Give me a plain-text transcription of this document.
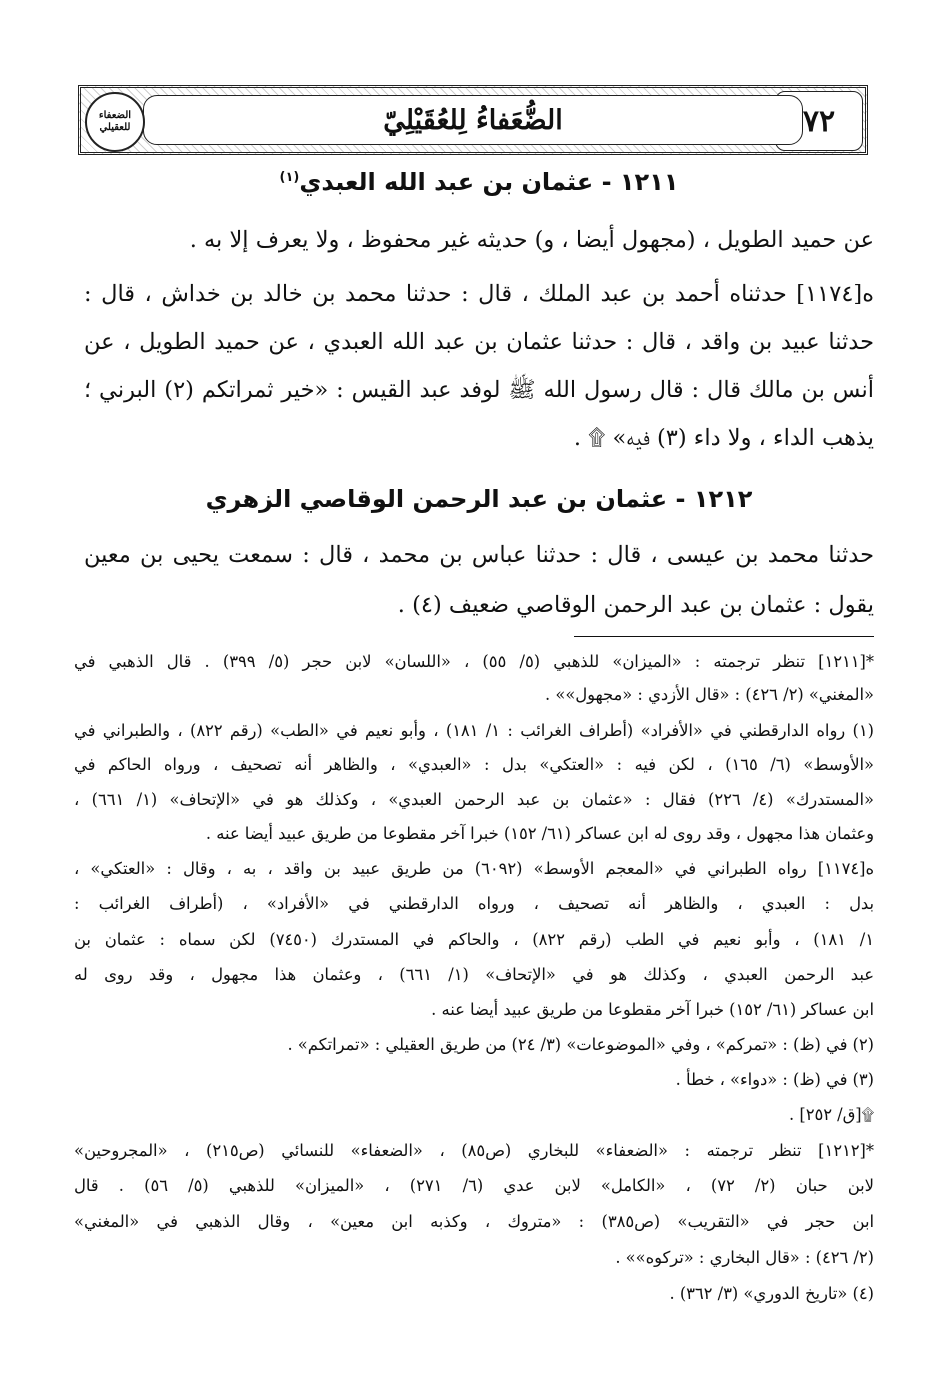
٧٢
الضُّعَفاءُ لِلعُقَيْلِيّ
الضعفاء للعقيلي
١٢١١ - عثمان بن عبد الله العبدي$^{(١)}$
عن حميد الطويل ، (مجهول أيضا ، و) حديثه غير محفوظ ، ولا يعرف إلا به .
ه[١١٧٤] حدثناه أحمد بن عبد الملك ، قال : حدثنا محمد بن خالد بن خداش ، قال :
حدثنا عبيد بن واقد ، قال : حدثنا عثمان بن عبد الله العبدي ، عن حميد الطويل ، عن
أنس بن مالك قال : قال رسول الله ﷺ لوفد عبد القيس : «خير ثمراتكم (٢) البرني ؛
يذهب الداء ، ولا داء (٣) فيه» ۩ .
١٢١٢ - عثمان بن عبد الرحمن الوقاصي الزهري
حدثنا محمد بن عيسى ، قال : حدثنا عباس بن محمد ، قال : سمعت يحيى بن معين
يقول : عثمان بن عبد الرحمن الوقاصي ضعيف (٤) .
*[١٢١١] تنظر ترجمته : «الميزان» للذهبي (٥/ ٥٥) ، «اللسان» لابن حجر (٥/ ٣٩٩) . قال الذهبي في
«المغني» (٢/ ٤٢٦) : «قال الأزدي : «مجهول»» .
(١) رواه الدارقطني في «الأفراد» (أطراف الغرائب : ١/ ١٨١) ، وأبو نعيم في «الطب» (رقم ٨٢٢) ، والطبراني في
«الأوسط» (٦/ ١٦٥) ، لكن فيه : «العتكي» بدل : «العبدي» ، والظاهر أنه تصحيف ، ورواه الحاكم في
«المستدرك» (٤/ ٢٢٦) فقال : «عثمان بن عبد الرحمن العبدي» ، وكذلك هو في «الإتحاف» (١/ ٦٦١) ،
وعثمان هذا مجهول ، وقد روى له ابن عساكر (٦١/ ١٥٢) خبرا آخر مقطوعا من طريق عبيد أيضا عنه .
ه[١١٧٤] رواه الطبراني في «المعجم الأوسط» (٦٠٩٢) من طريق عبيد بن واقد ، به ، وقال : «العتكي» ،
بدل : العبدي ، والظاهر أنه تصحيف ، ورواه الدارقطني في «الأفراد» ، (أطراف الغرائب :
١/ ١٨١) ، وأبو نعيم في الطب (رقم ٨٢٢) ، والحاكم في المستدرك (٧٤٥٠) لكن سماه : عثمان بن
عبد الرحمن العبدي ، وكذلك هو في «الإتحاف» (١/ ٦٦١) ، وعثمان هذا مجهول ، وقد روى له
ابن عساكر (٦١/ ١٥٢) خبرا آخر مقطوعا من طريق عبيد أيضا عنه .
(٢) في (ظ) : «تمركم» ، وفي «الموضوعات» (٣/ ٢٤) من طريق العقيلي : «تمراتكم» .
(٣) في (ظ) : «دواء» ، خطأ .
۩[ق/ ٢٥٢] .
*[١٢١٢] تنظر ترجمته : «الضعفاء» للبخاري (ص٨٥) ، «الضعفاء» للنسائي (ص٢١٥) ، «المجروحين»
لابن حبان (٢/ ٧٢) ، «الكامل» لابن عدي (٦/ ٢٧١) ، «الميزان» للذهبي (٥/ ٥٦) . قال
ابن حجر في «التقريب» (ص٣٨٥) : «متروك ، وكذبه ابن معين» ، وقال الذهبي في «المغني»
(٢/ ٤٢٦) : «قال البخاري : «تركوه»» .
(٤) «تاريخ الدوري» (٣/ ٣٦٢) .
